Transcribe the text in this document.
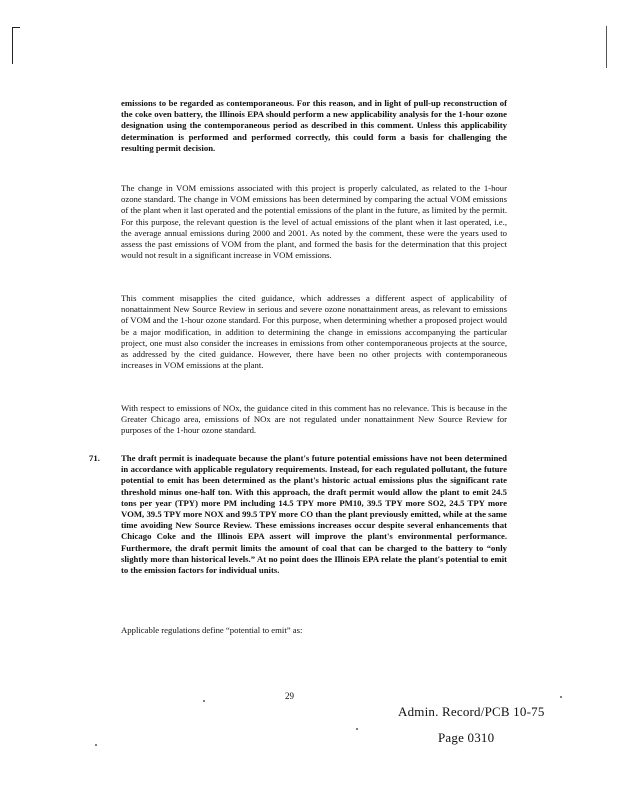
emissions to be regarded as contemporaneous. For this reason, and in light of pull-up reconstruction of the coke oven battery, the Illinois EPA should perform a new applicability analysis for the 1-hour ozone designation using the contemporaneous period as described in this comment. Unless this applicability determination is performed and performed correctly, this could form a basis for challenging the resulting permit decision.

The change in VOM emissions associated with this project is properly calculated, as related to the 1-hour ozone standard. The change in VOM emissions has been determined by comparing the actual VOM emissions of the plant when it last operated and the potential emissions of the plant in the future, as limited by the permit. For this purpose, the relevant question is the level of actual emissions of the plant when it last operated, i.e., the average annual emissions during 2000 and 2001. As noted by the comment, these were the years used to assess the past emissions of VOM from the plant, and formed the basis for the determination that this project would not result in a significant increase in VOM emissions.

This comment misapplies the cited guidance, which addresses a different aspect of applicability of nonattainment New Source Review in serious and severe ozone nonattainment areas, as relevant to emissions of VOM and the 1-hour ozone standard. For this purpose, when determining whether a proposed project would be a major modification, in addition to determining the change in emissions accompanying the particular project, one must also consider the increases in emissions from other contemporaneous projects at the source, as addressed by the cited guidance. However, there have been no other projects with contemporaneous increases in VOM emissions at the plant.

With respect to emissions of NOx, the guidance cited in this comment has no relevance. This is because in the Greater Chicago area, emissions of NOx are not regulated under nonattainment New Source Review for purposes of the 1-hour ozone standard.

71. The draft permit is inadequate because the plant's future potential emissions have not been determined in accordance with applicable regulatory requirements. Instead, for each regulated pollutant, the future potential to emit has been determined as the plant's historic actual emissions plus the significant rate threshold minus one-half ton. With this approach, the draft permit would allow the plant to emit 24.5 tons per year (TPY) more PM including 14.5 TPY more PM10, 39.5 TPY more SO2, 24.5 TPY more VOM, 39.5 TPY more NOX and 99.5 TPY more CO than the plant previously emitted, while at the same time avoiding New Source Review. These emissions increases occur despite several enhancements that Chicago Coke and the Illinois EPA assert will improve the plant's environmental performance. Furthermore, the draft permit limits the amount of coal that can be charged to the battery to “only slightly more than historical levels.” At no point does the Illinois EPA relate the plant's potential to emit to the emission factors for individual units.

Applicable regulations define “potential to emit” as:

29
Admin. Record/PCB 10-75
Page 0310
